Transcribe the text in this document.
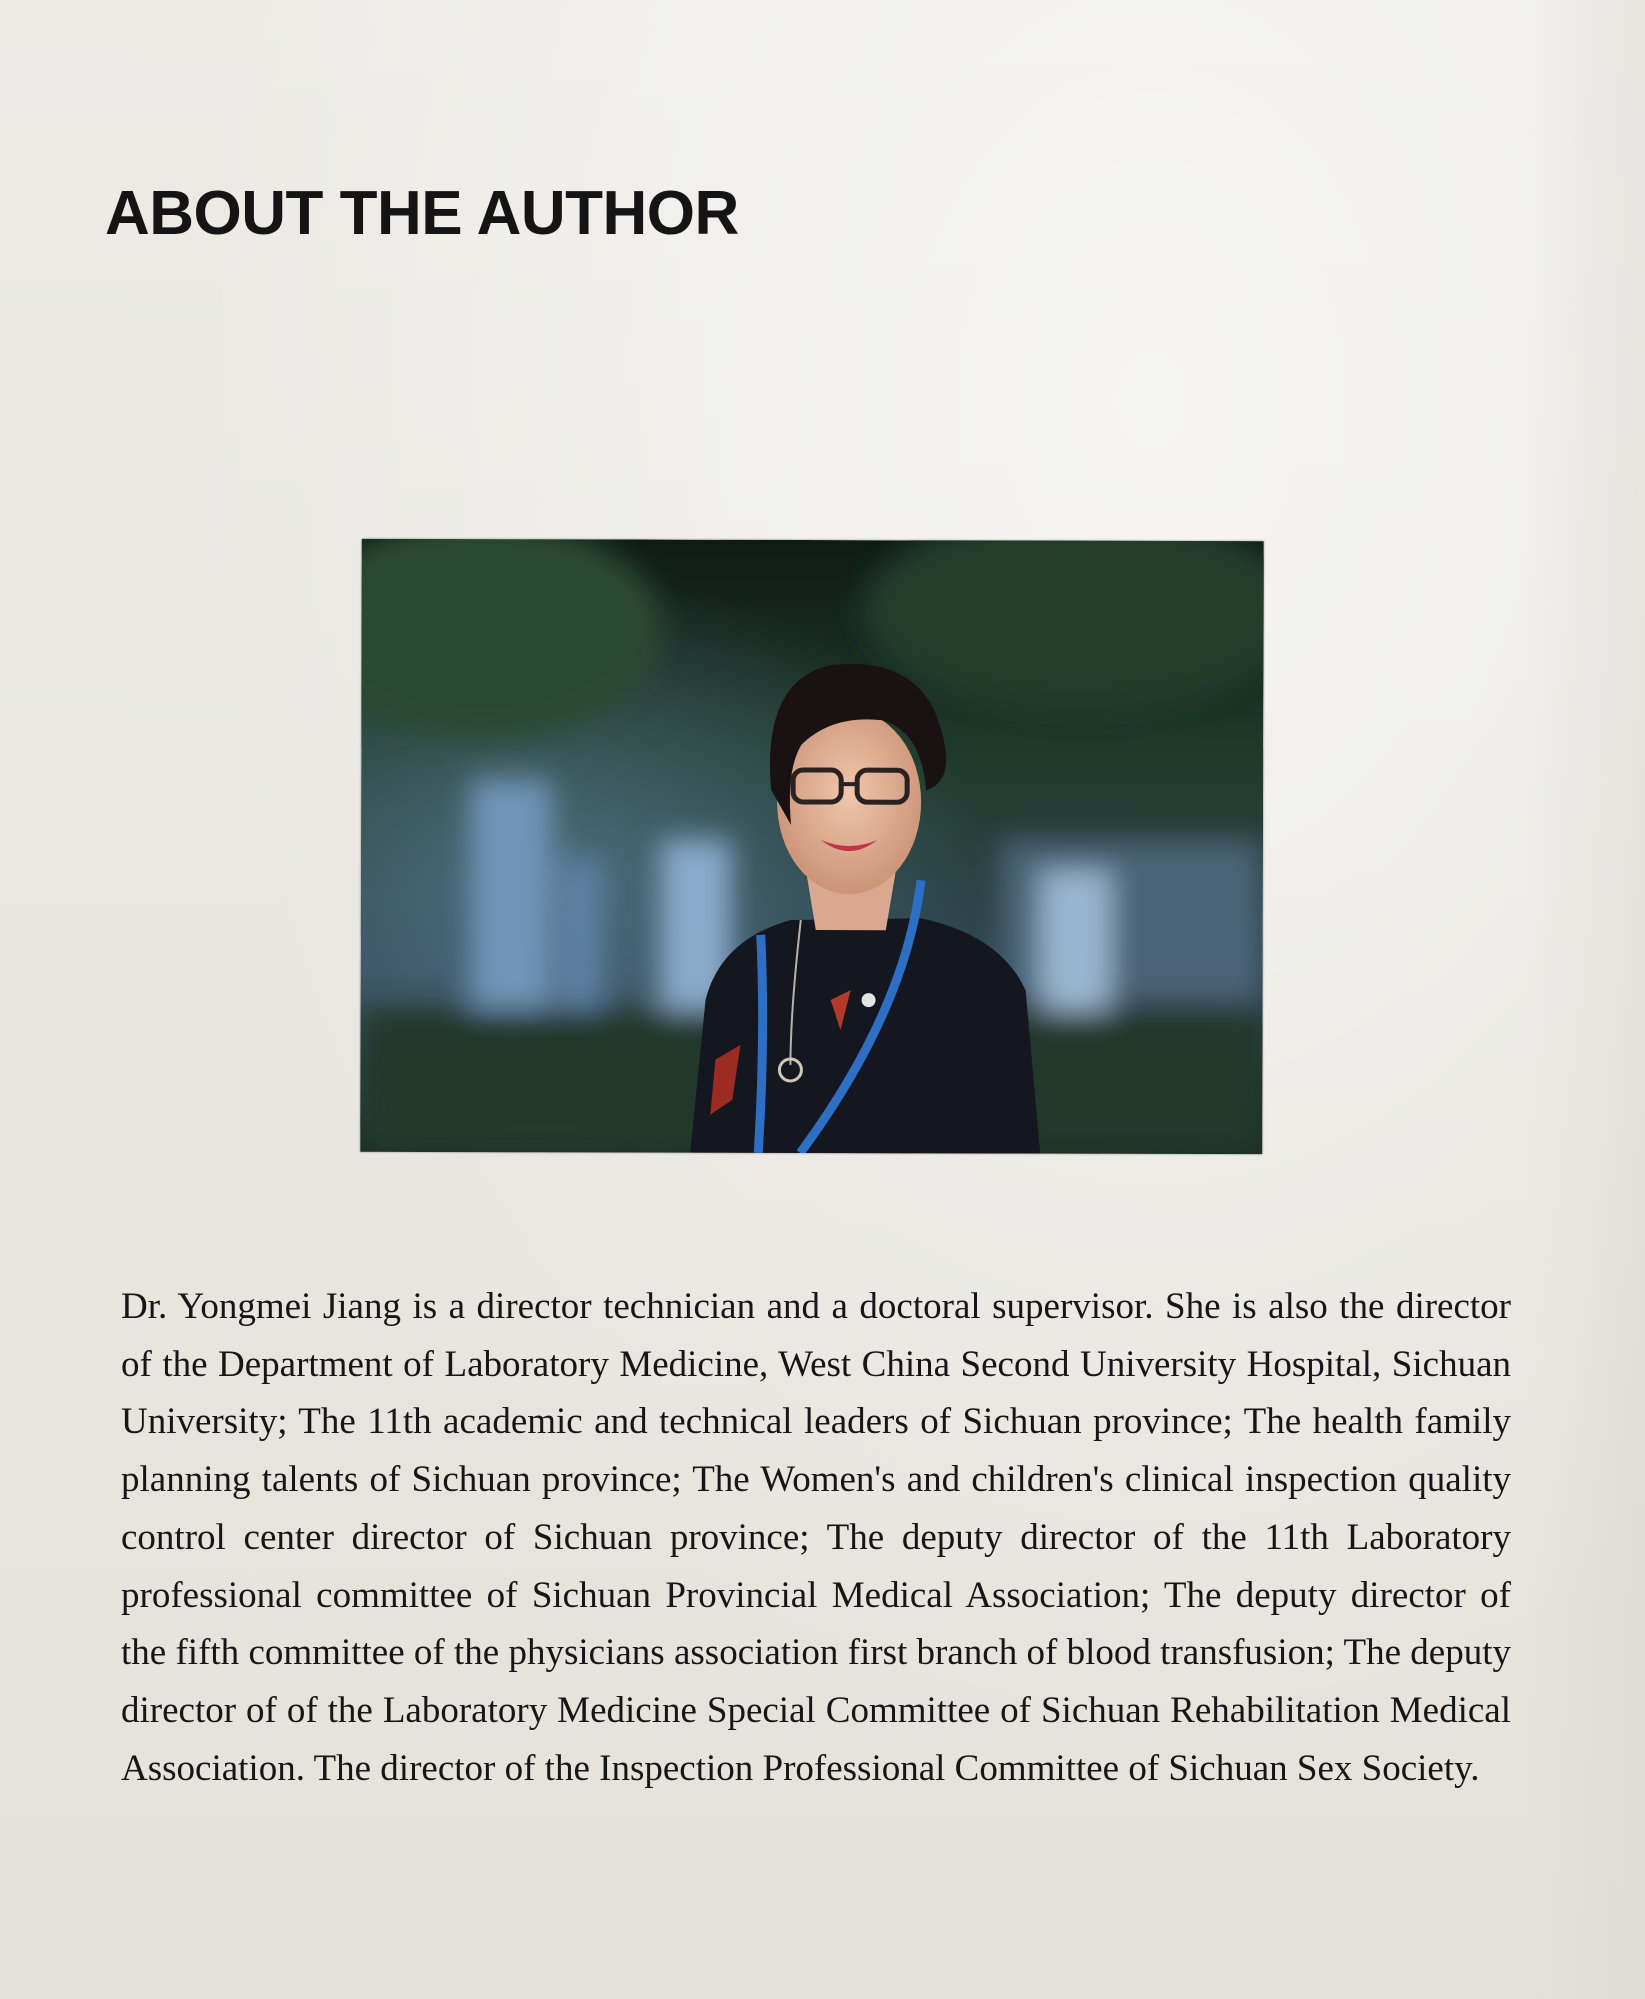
ABOUT THE AUTHOR

Dr. Yongmei Jiang is a director technician and a doctoral supervisor. She is also the director of the Department of Laboratory Medicine, West China Second University Hospital, Sichuan University; The 11th academic and technical leaders of Sichuan province; The health family planning talents of Sichuan province; The Women's and children's clinical inspection quality control center director of Sichuan province; The deputy director of the 11th Laboratory professional committee of Sichuan Provincial Medical Association; The deputy director of the fifth committee of the physicians association first branch of blood transfusion; The deputy director of of the Laboratory Medicine Special Committee of Sichuan Rehabilitation Medical Association. The director of the Inspection Professional Committee of Sichuan Sex Society.
